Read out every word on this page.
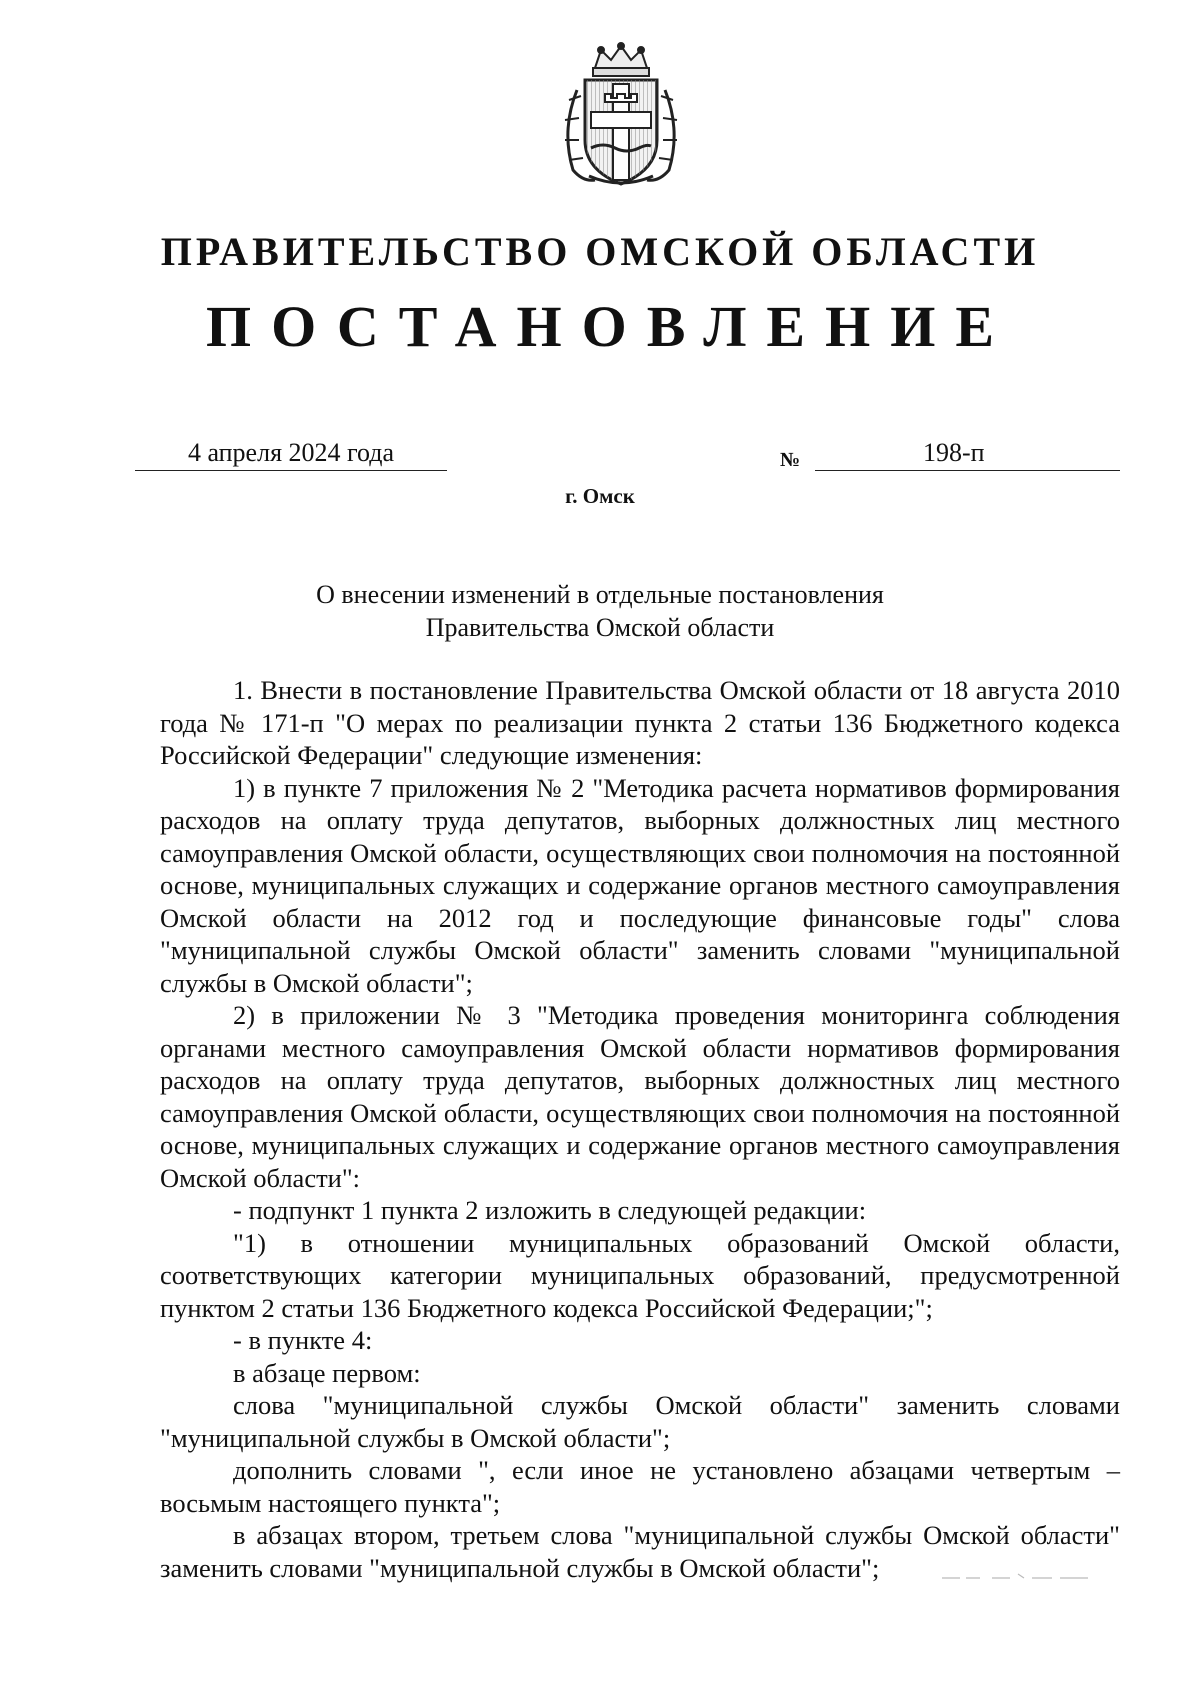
ПРАВИТЕЛЬСТВО ОМСКОЙ ОБЛАСТИ
ПОСТАНОВЛЕНИЕ
4 апреля 2024 года	№	198-п
г. Омск
О внесении изменений в отдельные постановления
Правительства Омской области

1. Внести в постановление Правительства Омской области от 18 августа 2010 года № 171-п "О мерах по реализации пункта 2 статьи 136 Бюджетного кодекса Российской Федерации" следующие изменения:

1) в пункте 7 приложения № 2 "Методика расчета нормативов формирования расходов на оплату труда депутатов, выборных должностных лиц местного самоуправления Омской области, осуществляющих свои полномочия на постоянной основе, муниципальных служащих и содержание органов местного самоуправления Омской области на 2012 год и последующие финансовые годы" слова "муниципальной службы Омской области" заменить словами "муниципальной службы в Омской области";

2) в приложении № 3 "Методика проведения мониторинга соблюдения органами местного самоуправления Омской области нормативов формирования расходов на оплату труда депутатов, выборных должностных лиц местного самоуправления Омской области, осуществляющих свои полномочия на постоянной основе, муниципальных служащих и содержание органов местного самоуправления Омской области":

- подпункт 1 пункта 2 изложить в следующей редакции:

"1) в отношении муниципальных образований Омской области, соответствующих категории муниципальных образований, предусмотренной пунктом 2 статьи 136 Бюджетного кодекса Российской Федерации;";

- в пункте 4:

в абзаце первом:

слова "муниципальной службы Омской области" заменить словами "муниципальной службы в Омской области";

дополнить словами ", если иное не установлено абзацами четвертым – восьмым настоящего пункта";

в абзацах втором, третьем слова "муниципальной службы Омской области" заменить словами "муниципальной службы в Омской области";
